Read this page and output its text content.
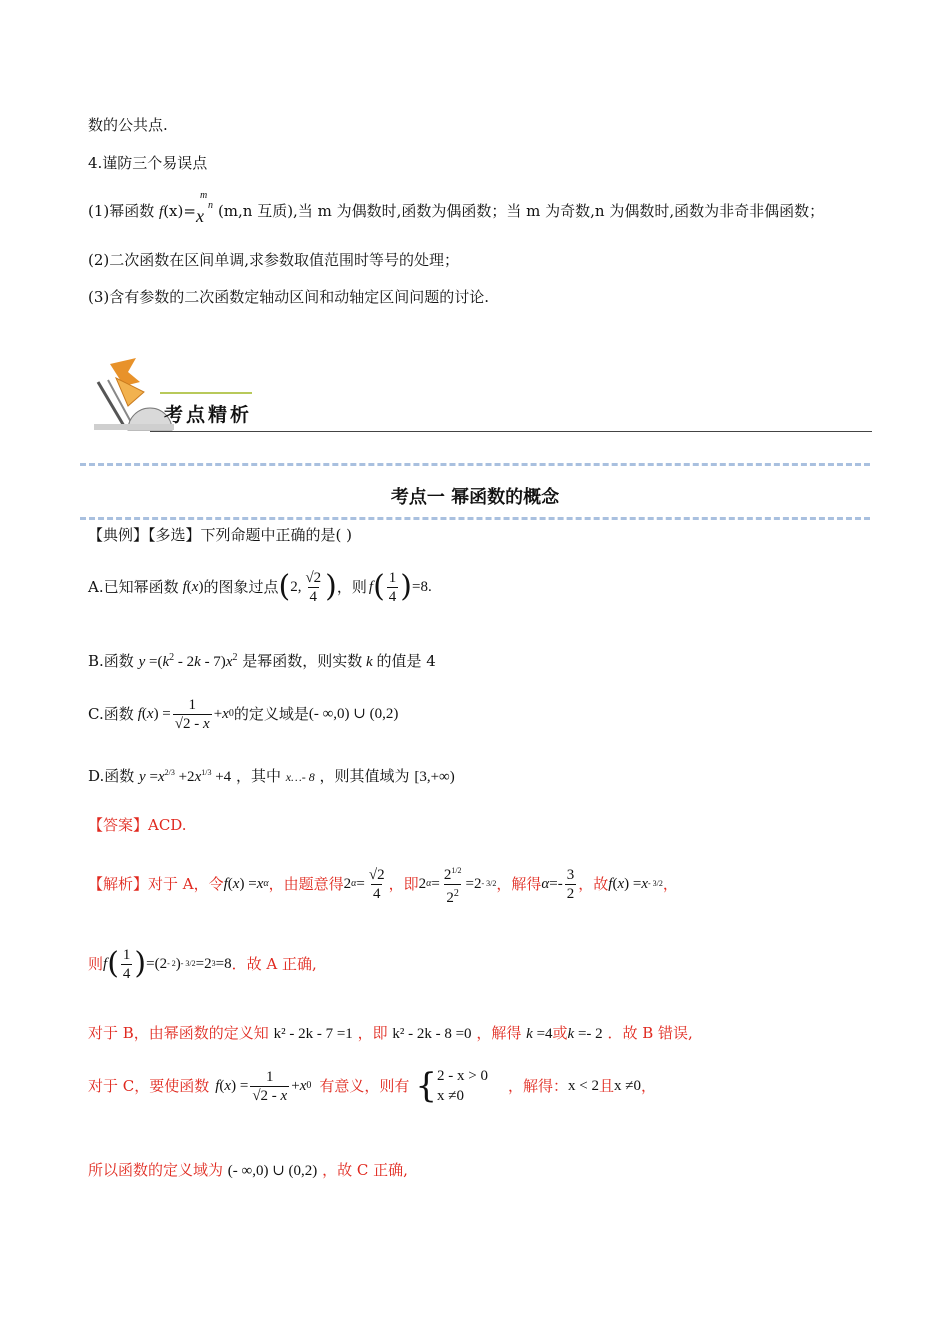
数的公共点.
4.谨防三个易误点
(1)幂函数 f(x)=
m
n
x (m,n 互质),当 m 为偶数时,函数为偶函数；当 m 为奇数,n 为偶数时,函数为非奇非偶函数；
(2)二次函数在区间单调,求参数取值范围时等号的处理；
(3)含有参数的二次函数定轴动区间和动轴定区间问题的讨论.
考点精析
考点一 幂函数的概念
【典例】【多选】下列命题中正确的是( )
A.已知幂函数 f ( x ) 的图象过点 ( 2, $\frac{√2}{4}$ ) ，则 f ( $\frac{1}{4}$ ) =8.
B.函数 $y =(k^2 - 2k - 7)x^2$ 是幂函数，则实数 k 的值是 4
C.函数 f ( x ) = $\frac{1}{√2 - x} + x$ 0 的定义域是 (- ∞,0) ∪ (0,2)
D.函数 $y =x^{2/3} +2x^{1/3} +4$ ，其中 x…- 8 ，则其值域为 [3,+∞)
【答案】ACD.
【解析】 对于 A，令 f ( x ) = x α ，由题意得 2 $\alpha = \frac{√2}{4}$ ，即 2 $\alpha = \frac{2^{1/2}}{2^2} =2 - 3/2$ ，解得 $\alpha =- \frac{3}{2}$ ，故 f ( x ) = x - 3/2 ，
则 f ( $\frac{1}{4}$ ) =(2 - 2 ) - 3/2 =2 3 =8 ．故 A 正确,
对于 B，由幂函数的定义知 k² - 2k - 7 =1 ，即 k² - 2k - 8 =0 ，解得 k =4或k =- 2 ．故 B 错误,
对于 C，要使函数 f ( x ) = $\frac{1}{√2 - x} + x$ 0 有意义，则有 { 2 - x > 0
x ≠0
，解得： x < 2 且 x ≠0 ，
所以函数的定义域为 (- ∞,0) ∪ (0,2) ，故 C 正确,
